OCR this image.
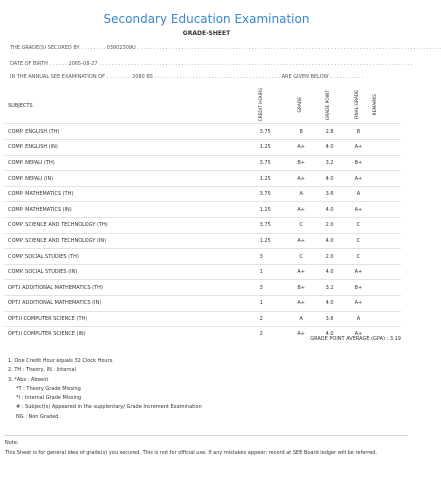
Secondary Education Examination
GRADE-SHEET
THE GRADE(S) SECURED BY . . . . . . . . 03802309U . . . . . . . . . . . . . . . . . . . . . . . . . . . . . . . . . . . . . . . . . . . . . . . . . . . . . . . . . . . . . . . . . . . . . . . . . . . . . . . . . . . . . . . . . . . . . . . .
DATE OF BIRTH . . . . . . 2065-08-27 . . . . . . . . . . . . . . . . . . . . . . . . . . . . . . . . . . . . . . . . . . . . . . . . . . . . . . . . . . . . . . . . . . . . . . . . . . . . . . . . . . . . . . . . . . . . . . . . . . .
IN THE ANNUAL SEE EXAMINATION OF . . . . . . . . 2080 BS . . . . . . . . . . . . . . . . . . . . . . . . . . . . . . . . . . . . . . . . ARE GIVEN BELOW . . . . . . . . . . .
SUBJECTS	CREDIT HOURS	GRADE	GRADE POINT	FINAL GRADE	REMARKS
COMP. ENGLISH (TH)	3.75	B	2.8	B	
COMP. ENGLISH (IN)	1.25	A+	4.0	A+	
COMP. NEPALI (TH)	3.75	B+	3.2	B+	
COMP. NEPALI (IN)	1.25	A+	4.0	A+	
COMP. MATHEMATICS (TH)	3.75	A	3.6	A	
COMP. MATHEMATICS (IN)	1.25	A+	4.0	A+	
COMP. SCIENCE AND TECHNOLOGY (TH)	3.75	C	2.0	C	
COMP. SCIENCE AND TECHNOLOGY (IN)	1.25	A+	4.0	C	
COMP. SOCIAL STUDIES (TH)	3	C	2.0	C	
COMP. SOCIAL STUDIES (IN)	1	A+	4.0	A+	
OPT.I ADDITIONAL MATHEMATICS (TH)	3	B+	3.2	B+	
OPT.I ADDITIONAL MATHEMATICS (IN)	1	A+	4.0	A+	
OPT.II COMPUTER SCIENCE (TH)	2	A	3.6	A	
OPT.II COMPUTER SCIENCE (IN)	2	A+	4.0	A+	
GRADE POINT AVERAGE (GPA) : 3.19
1. One Credit Hour equals 32 Clock Hours.
2. TH : Theory, IN : Internal
3. *Abs : Absent
*T : Theory Grade Missing
*I : Internal Grade Missing
# : Subject(s) Appeared in the supplentary/ Grade Increment Examination
NG : Non Graded
Note:
This Sheet is for general idea of grade(s) you secured. This is not for official use. If any mistakes appear; record at SEE Board ledger will be referred.
